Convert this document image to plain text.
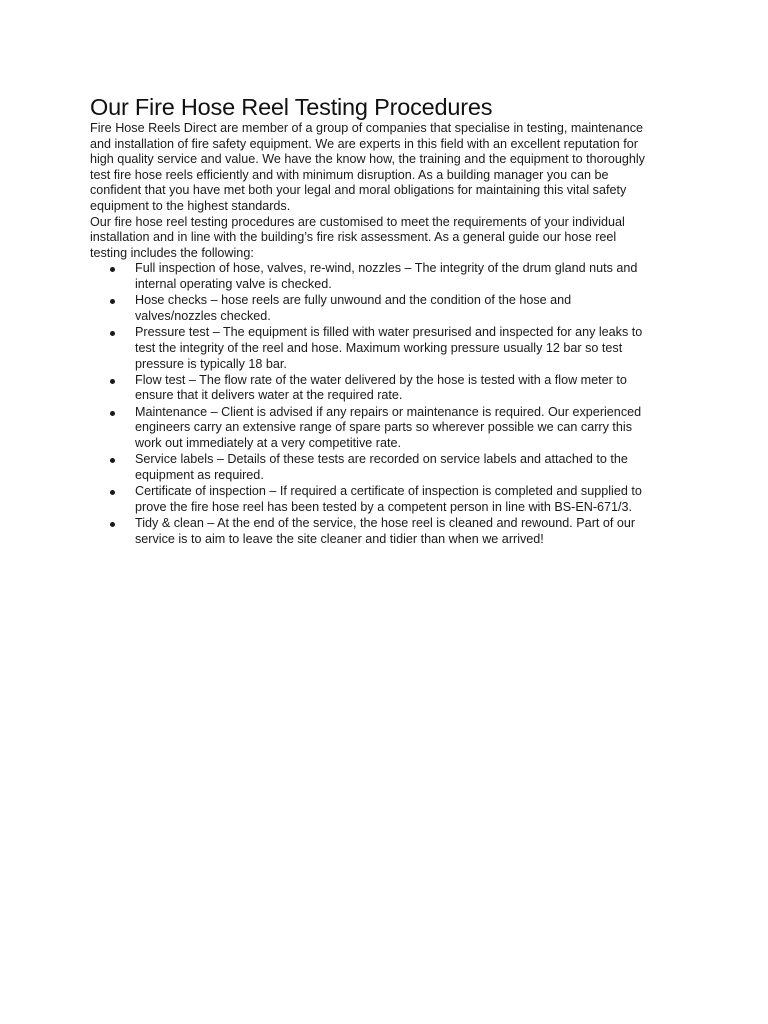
Our Fire Hose Reel Testing Procedures

Fire Hose Reels Direct are member of a group of companies that specialise in testing, maintenance
and installation of fire safety equipment. We are experts in this field with an excellent reputation for
high quality service and value. We have the know how, the training and the equipment to thoroughly
test fire hose reels efficiently and with minimum disruption. As a building manager you can be
confident that you have met both your legal and moral obligations for maintaining this vital safety
equipment to the highest standards.

Our fire hose reel testing procedures are customised to meet the requirements of your individual
installation and in line with the building’s fire risk assessment. As a general guide our hose reel
testing includes the following:

Full inspection of hose, valves, re-wind, nozzles – The integrity of the drum gland nuts and
internal operating valve is checked.
Hose checks – hose reels are fully unwound and the condition of the hose and
valves/nozzles checked.
Pressure test – The equipment is filled with water presurised and inspected for any leaks to
test the integrity of the reel and hose. Maximum working pressure usually 12 bar so test
pressure is typically 18 bar.
Flow test – The flow rate of the water delivered by the hose is tested with a flow meter to
ensure that it delivers water at the required rate.
Maintenance – Client is advised if any repairs or maintenance is required. Our experienced
engineers carry an extensive range of spare parts so wherever possible we can carry this
work out immediately at a very competitive rate.
Service labels – Details of these tests are recorded on service labels and attached to the
equipment as required.
Certificate of inspection – If required a certificate of inspection is completed and supplied to
prove the fire hose reel has been tested by a competent person in line with BS-EN-671/3.
Tidy & clean – At the end of the service, the hose reel is cleaned and rewound. Part of our
service is to aim to leave the site cleaner and tidier than when we arrived!
